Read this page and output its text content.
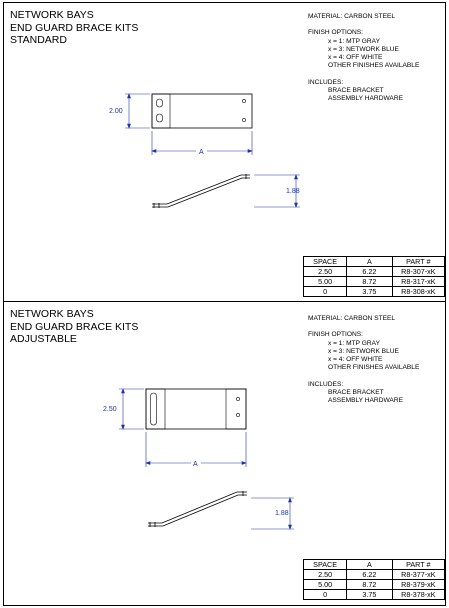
NETWORK BAYS
END GUARD BRACE KITS
STANDARD
MATERIAL: CARBON STEEL
FINISH OPTIONS:
x = 1: MTP GRAY
x = 3: NETWORK BLUE
x = 4: OFF WHITE
OTHER FINISHES AVAILABLE
INCLUDES:
BRACE BRACKET
ASSEMBLY HARDWARE
2.00
A
1.88
SPACE	A	PART #
2.50	6.22	R8-307-xK
5.00	8.72	R8-317-xK
0	3.75	R8-308-xK
NETWORK BAYS
END GUARD BRACE KITS
ADJUSTABLE
MATERIAL: CARBON STEEL
FINISH OPTIONS:
x = 1: MTP GRAY
x = 3: NETWORK BLUE
x = 4: OFF WHITE
OTHER FINISHES AVAILABLE
INCLUDES:
BRACE BRACKET
ASSEMBLY HARDWARE
2.50
A
1.88
SPACE	A	PART #
2.50	6.22	R8-377-xK
5.00	8.72	R8-379-xK
0	3.75	R8-378-xK
